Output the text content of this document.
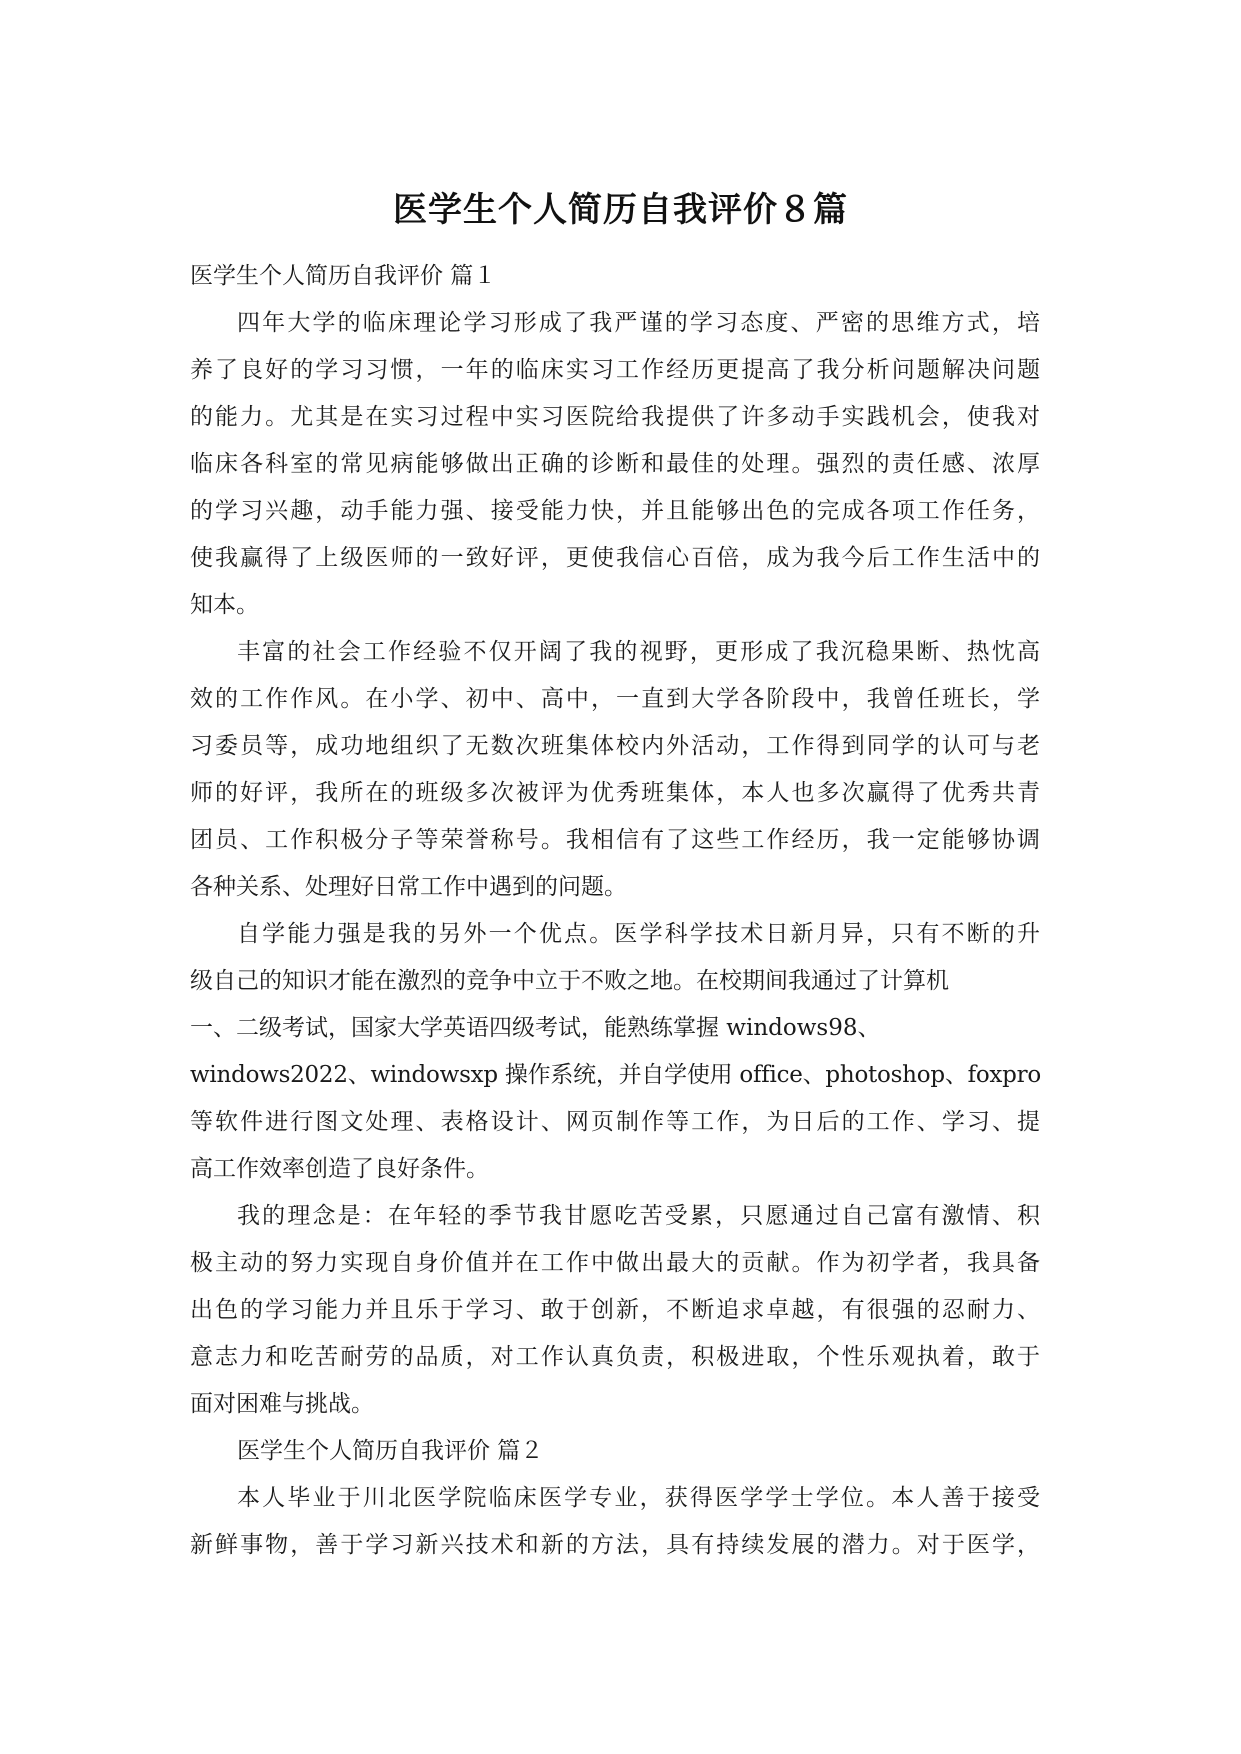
医学生个人简历自我评价８篇
医学生个人简历自我评价 篇１
四年大学的临床理论学习形成了我严谨的学习态度、严密的思维方式，培
养了良好的学习习惯，一年的临床实习工作经历更提高了我分析问题解决问题
的能力。尤其是在实习过程中实习医院给我提供了许多动手实践机会，使我对
临床各科室的常见病能够做出正确的诊断和最佳的处理。强烈的责任感、浓厚
的学习兴趣，动手能力强、接受能力快，并且能够出色的完成各项工作任务，
使我赢得了上级医师的一致好评，更使我信心百倍，成为我今后工作生活中的
知本。
丰富的社会工作经验不仅开阔了我的视野，更形成了我沉稳果断、热忱高
效的工作作风。在小学、初中、高中，一直到大学各阶段中，我曾任班长，学
习委员等，成功地组织了无数次班集体校内外活动，工作得到同学的认可与老
师的好评，我所在的班级多次被评为优秀班集体，本人也多次赢得了优秀共青
团员、工作积极分子等荣誉称号。我相信有了这些工作经历，我一定能够协调
各种关系、处理好日常工作中遇到的问题。
自学能力强是我的另外一个优点。医学科学技术日新月异，只有不断的升
级自己的知识才能在激烈的竞争中立于不败之地。在校期间我通过了计算机
一、二级考试，国家大学英语四级考试，能熟练掌握 windows98、
windows2022、windowsxp 操作系统，并自学使用 office、photoshop、foxpro
等软件进行图文处理、表格设计、网页制作等工作，为日后的工作、学习、提
高工作效率创造了良好条件。
我的理念是：在年轻的季节我甘愿吃苦受累，只愿通过自己富有激情、积
极主动的努力实现自身价值并在工作中做出最大的贡献。作为初学者，我具备
出色的学习能力并且乐于学习、敢于创新，不断追求卓越，有很强的忍耐力、
意志力和吃苦耐劳的品质，对工作认真负责，积极进取，个性乐观执着，敢于
面对困难与挑战。
医学生个人简历自我评价 篇２
本人毕业于川北医学院临床医学专业，获得医学学士学位。本人善于接受
新鲜事物，善于学习新兴技术和新的方法，具有持续发展的潜力。对于医学，
